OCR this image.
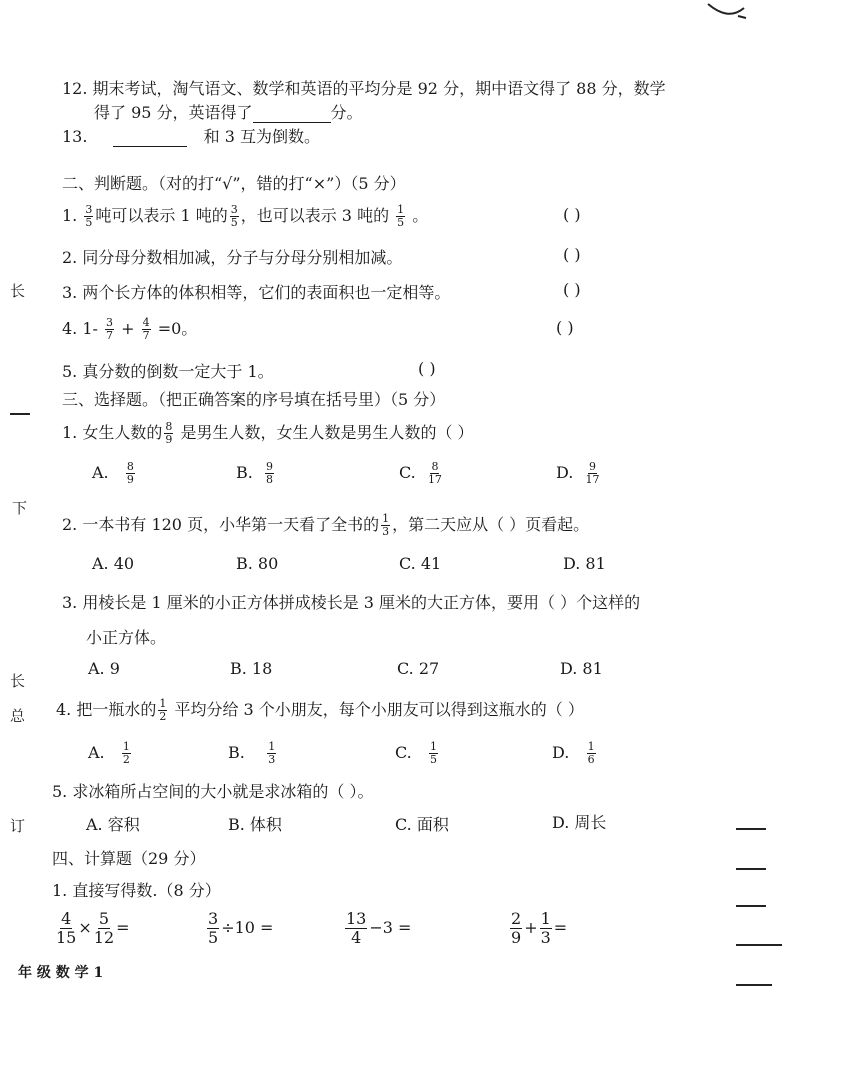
12. 期末考试，淘气语文、数学和英语的平均分是 92 分，期中语文得了 88 分，数学
得了 95 分，英语得了	分。
13.	和 3 互为倒数。
二、判断题。（对的打“√”，错的打“×”）（5 分）
1. $\frac{3}{5}$ 吨可以表示 1 吨的 $\frac{3}{5}$ ，也可以表示 3 吨的 $\frac{1}{5}$ 。	( )
2. 同分母分数相加减，分子与分母分别相加减。	( )
3. 两个长方体的体积相等，它们的表面积也一定相等。	( )
4. $1- \frac{3}{7} + \frac{4}{7} =0$。	( )
5. 真分数的倒数一定大于 1。	( )
三、选择题。（把正确答案的序号填在括号里）（5 分）
1. 女生人数的 $\frac{8}{9}$ 是男生人数，女生人数是男生人数的（ ）
A. $\frac{8}{9}$	B. $\frac{9}{8}$	C. $\frac{8}{17}$	D. $\frac{9}{17}$
2. 一本书有 120 页，小华第一天看了全书的 $\frac{1}{3}$ ，第二天应从（ ）页看起。
A. 40	B. 80	C. 41	D. 81
3. 用棱长是 1 厘米的小正方体拼成棱长是 3 厘米的大正方体，要用（ ）个这样的
小正方体。
A. 9	B. 18	C. 27	D. 81
4. 把一瓶水的 $\frac{1}{2}$ 平均分给 3 个小朋友，每个小朋友可以得到这瓶水的（ ）
A. $\frac{1}{2}$	B. $\frac{1}{3}$	C. $\frac{1}{5}$	D. $\frac{1}{6}$
5. 求冰箱所占空间的大小就是求冰箱的（ ）。
A. 容积	B. 体积	C. 面积	D. 周长
四、计算题（29 分）
1. 直接写得数.（8 分）
$\frac{4}{15} \times \frac{5}{12}$ =	$\frac{3}{5} \div 10$ =	$\frac{13}{4} -3$ =	$\frac{2}{9} + \frac{1}{3}$ =
年 级 数 学 1
长
下
长
总
订
